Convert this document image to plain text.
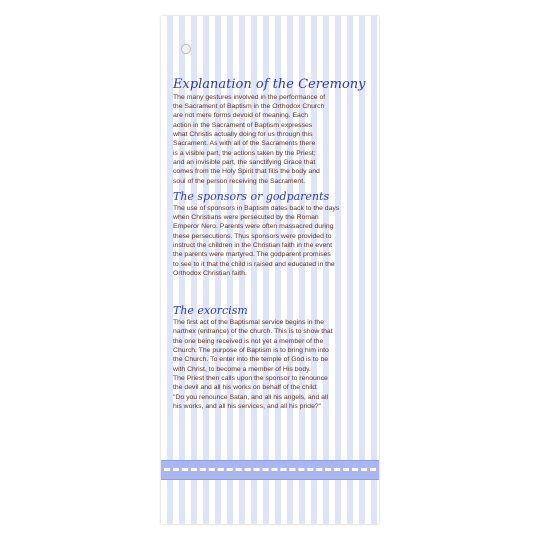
Explanation of the Ceremony

The many gestures involved in the performance of
the Sacrament of Baptism in the Orthodox Church
are not mere forms devoid of meaning. Each
action in the Sacrament of Baptism expresses
what Christis actually doing for us through this
Sacrament. As with all of the Sacraments there
is a visible part, the actions taken by the Priest;
and an invisible part, the sanctifying Grace that
comes from the Holy Spirit that fills the body and
soul of the person receiving the Sacrament.

The sponsors or godparents

The use of sponsors in Baptism dates back to the days
when Christians were persecuted by the Roman
Emperor Nero. Parents were often massacred during
these persecutions. Thus sponsors were provided to
instruct the children in the Christian faith in the event
the parents were martyred. The godparent promises
to see to it that the child is raised and educated in the
Orthodox Christian faith.

The exorcism

The first act of the Baptismal service begins in the
narthex (entrance) of the church. This is to show that
the one being received is not yet a member of the
Church. The purpose of Baptism is to bring him into
the Church. To enter into the temple of God is to be
with Christ, to become a member of His body.
The Priest then calls upon the sponsor to renounce
the devil and all his works on behalf of the child:
"Do you renounce Satan, and all his angels, and all
his works, and all his services, and all his pride?"
